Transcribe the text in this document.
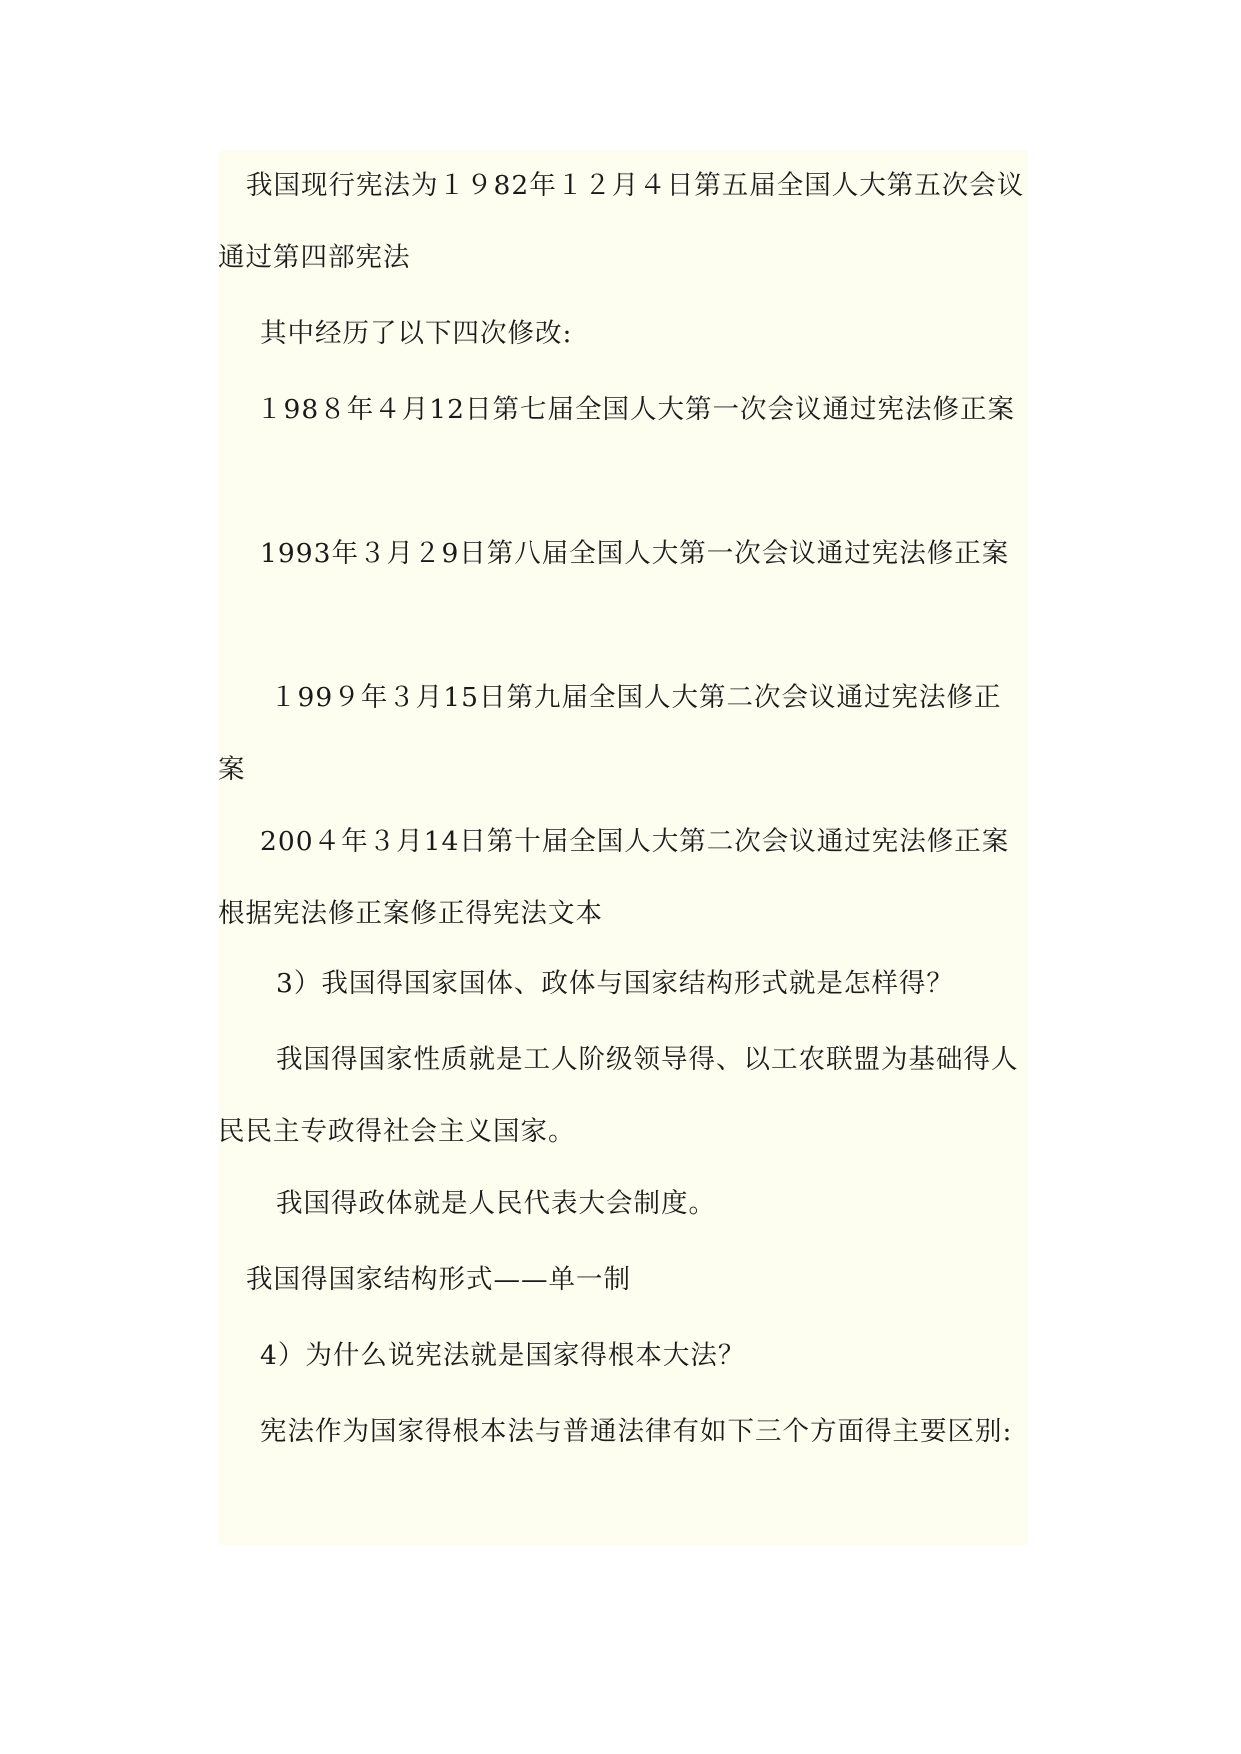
我国现行宪法为１９82年１２月４日第五届全国人大第五次会议通过第四部宪法

其中经历了以下四次修改:

１98８年４月12日第七届全国人大第一次会议通过宪法修正案

1993年３月２9日第八届全国人大第一次会议通过宪法修正案

１99９年３月15日第九届全国人大第二次会议通过宪法修正案

200４年３月14日第十届全国人大第二次会议通过宪法修正案根据宪法修正案修正得宪法文本

3）我国得国家国体、政体与国家结构形式就是怎样得？

我国得国家性质就是工人阶级领导得、以工农联盟为基础得人民民主专政得社会主义国家。

我国得政体就是人民代表大会制度。

我国得国家结构形式——单一制

4）为什么说宪法就是国家得根本大法？

宪法作为国家得根本法与普通法律有如下三个方面得主要区别:
